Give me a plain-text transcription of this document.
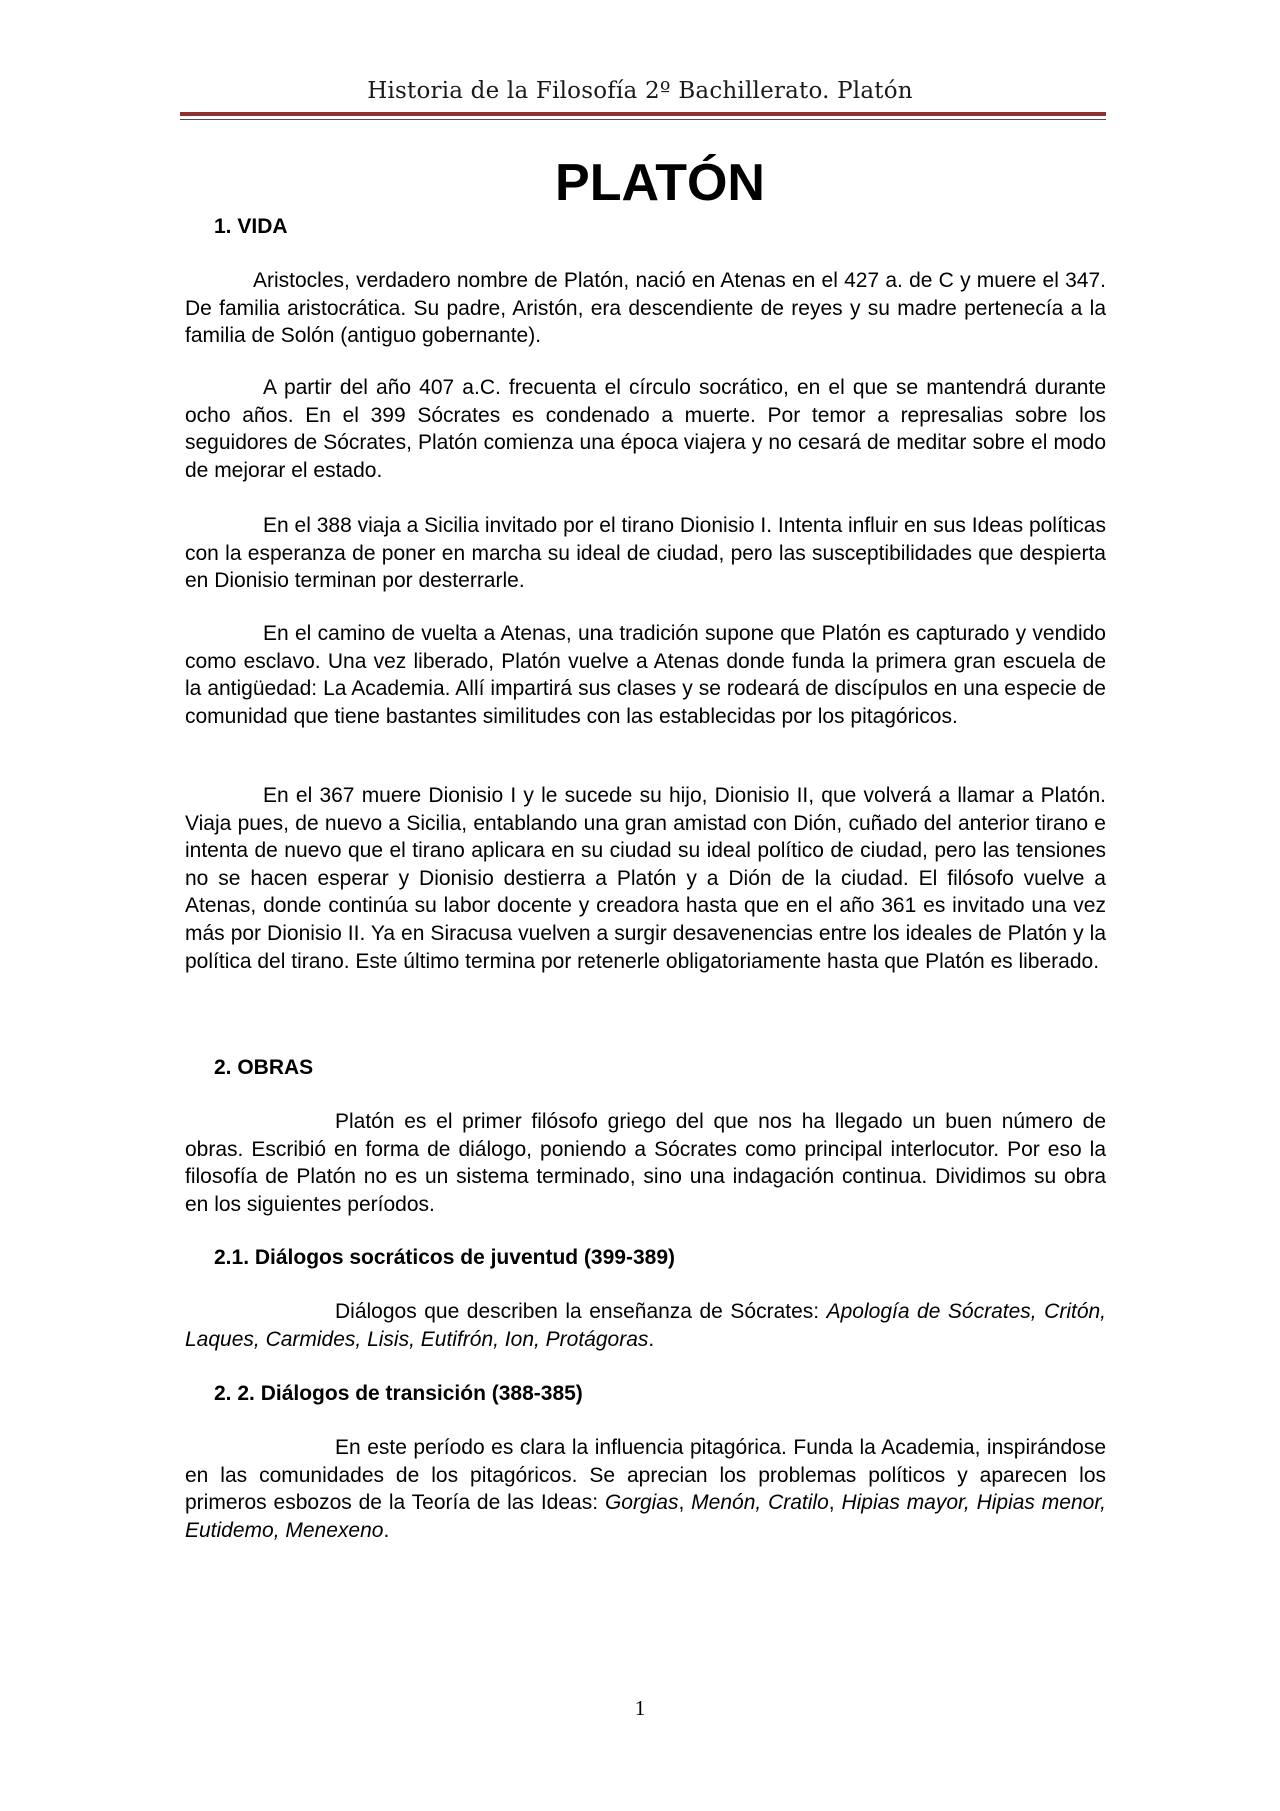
Historia de la Filosofía 2º Bachillerato. Platón
PLATÓN
1. VIDA

Aristocles, verdadero nombre de Platón, nació en Atenas en el 427 a. de C y muere el 347. De familia aristocrática. Su padre, Aristón, era descendiente de reyes y su madre pertenecía a la familia de Solón (antiguo gobernante).

A partir del año 407 a.C. frecuenta el círculo socrático, en el que se mantendrá durante ocho años. En el 399 Sócrates es condenado a muerte. Por temor a represalias sobre los seguidores de Sócrates, Platón comienza una época viajera y no cesará de meditar sobre el modo de mejorar el estado.

En el 388 viaja a Sicilia invitado por el tirano Dionisio I. Intenta influir en sus Ideas políticas con la esperanza de poner en marcha su ideal de ciudad, pero las susceptibilidades que despierta en Dionisio terminan por desterrarle.

En el camino de vuelta a Atenas, una tradición supone que Platón es capturado y vendido como esclavo. Una vez liberado, Platón vuelve a Atenas donde funda la primera gran escuela de la antigüedad: La Academia. Allí impartirá sus clases y se rodeará de discípulos en una especie de comunidad que tiene bastantes similitudes con las establecidas por los pitagóricos.

En el 367 muere Dionisio I y le sucede su hijo, Dionisio II, que volverá a llamar a Platón. Viaja pues, de nuevo a Sicilia, entablando una gran amistad con Dión, cuñado del anterior tirano e intenta de nuevo que el tirano aplicara en su ciudad su ideal político de ciudad, pero las tensiones no se hacen esperar y Dionisio destierra a Platón y a Dión de la ciudad. El filósofo vuelve a Atenas, donde continúa su labor docente y creadora hasta que en el año 361 es invitado una vez más por Dionisio II. Ya en Siracusa vuelven a surgir desavenencias entre los ideales de Platón y la política del tirano. Este último termina por retenerle obligatoriamente hasta que Platón es liberado.

2. OBRAS

Platón es el primer filósofo griego del que nos ha llegado un buen número de obras. Escribió en forma de diálogo, poniendo a Sócrates como principal interlocutor. Por eso la filosofía de Platón no es un sistema terminado, sino una indagación continua. Dividimos su obra en los siguientes períodos.

2.1. Diálogos socráticos de juventud (399-389)

Diálogos que describen la enseñanza de Sócrates: Apología de Sócrates, Critón, Laques, Carmides, Lisis, Eutifrón, Ion, Protágoras.

2. 2. Diálogos de transición (388-385)

En este período es clara la influencia pitagórica. Funda la Academia, inspirándose en las comunidades de los pitagóricos. Se aprecian los problemas políticos y aparecen los primeros esbozos de la Teoría de las Ideas: Gorgias, Menón, Cratilo, Hipias mayor, Hipias menor, Eutidemo, Menexeno.

1
